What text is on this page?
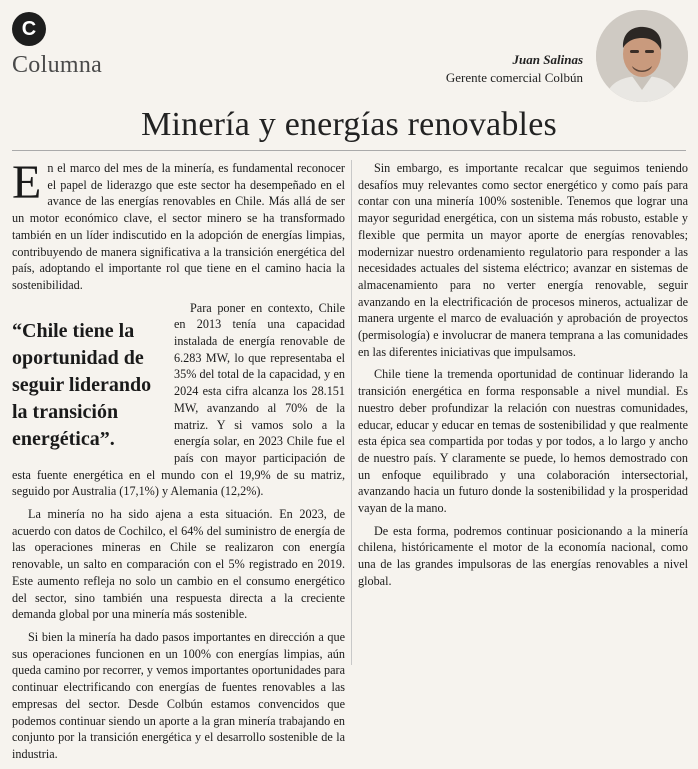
C
Columna	Juan Salinas
Gerente comercial Colbún
Minería y energías renovables

En el marco del mes de la minería, es fundamental reconocer el papel de liderazgo que este sector ha desempeñado en el avance de las energías renovables en Chile. Más allá de ser un motor económico clave, el sector minero se ha transformado también en un líder indiscutido en la adopción de energías limpias, contribuyendo de manera significativa a la transición energética del país, adoptando el importante rol que tiene en el camino hacia la sostenibilidad.

“Chile tiene la oportunidad de seguir liderando la transición energética”.

Para poner en contexto, Chile en 2013 tenía una capacidad instalada de energía renovable de 6.283 MW, lo que representaba el 35% del total de la capacidad, y en 2024 esta cifra alcanza los 28.151 MW, avanzando al 70% de la matriz. Y si vamos solo a la energía solar, en 2023 Chile fue el país con mayor participación de esta fuente energética en el mundo con el 19,9% de su matriz, seguido por Australia (17,1%) y Alemania (12,2%).

La minería no ha sido ajena a esta situación. En 2023, de acuerdo con datos de Cochilco, el 64% del suministro de energía de las operaciones mineras en Chile se realizaron con energía renovable, un salto en comparación con el 5% registrado en 2019. Este aumento refleja no solo un cambio en el consumo energético del sector, sino también una respuesta directa a la creciente demanda global por una minería más sostenible.

Si bien la minería ha dado pasos importantes en dirección a que sus operaciones funcionen en un 100% con energías limpias, aún queda camino por recorrer, y vemos importantes oportunidades para continuar electrificando con energías de fuentes renovables a las empresas del sector. Desde Colbún estamos convencidos que podemos continuar siendo un aporte a la gran minería trabajando en conjunto por la transición energética y el desarrollo sostenible de la industria.

Sin embargo, es importante recalcar que seguimos teniendo desafíos muy relevantes como sector energético y como país para contar con una minería 100% sostenible. Tenemos que lograr una mayor seguridad energética, con un sistema más robusto, estable y flexible que permita un mayor aporte de energías renovables; modernizar nuestro ordenamiento regulatorio para responder a las necesidades actuales del sistema eléctrico; avanzar en sistemas de almacenamiento para no verter energía renovable, seguir avanzando en la electrificación de procesos mineros, actualizar de manera urgente el marco de evaluación y aprobación de proyectos (permisología) e involucrar de manera temprana a las comunidades en las diferentes iniciativas que impulsamos.

Chile tiene la tremenda oportunidad de continuar liderando la transición energética en forma responsable a nivel mundial. Es nuestro deber profundizar la relación con nuestras comunidades, educar, educar y educar en temas de sostenibilidad y que realmente esta épica sea compartida por todas y por todos, a lo largo y ancho de nuestro país. Y claramente se puede, lo hemos demostrado con un enfoque equilibrado y una colaboración intersectorial, avanzando hacia un futuro donde la sostenibilidad y la prosperidad vayan de la mano.

De esta forma, podremos continuar posicionando a la minería chilena, históricamente el motor de la economía nacional, como una de las grandes impulsoras de las energías renovables a nivel global.
